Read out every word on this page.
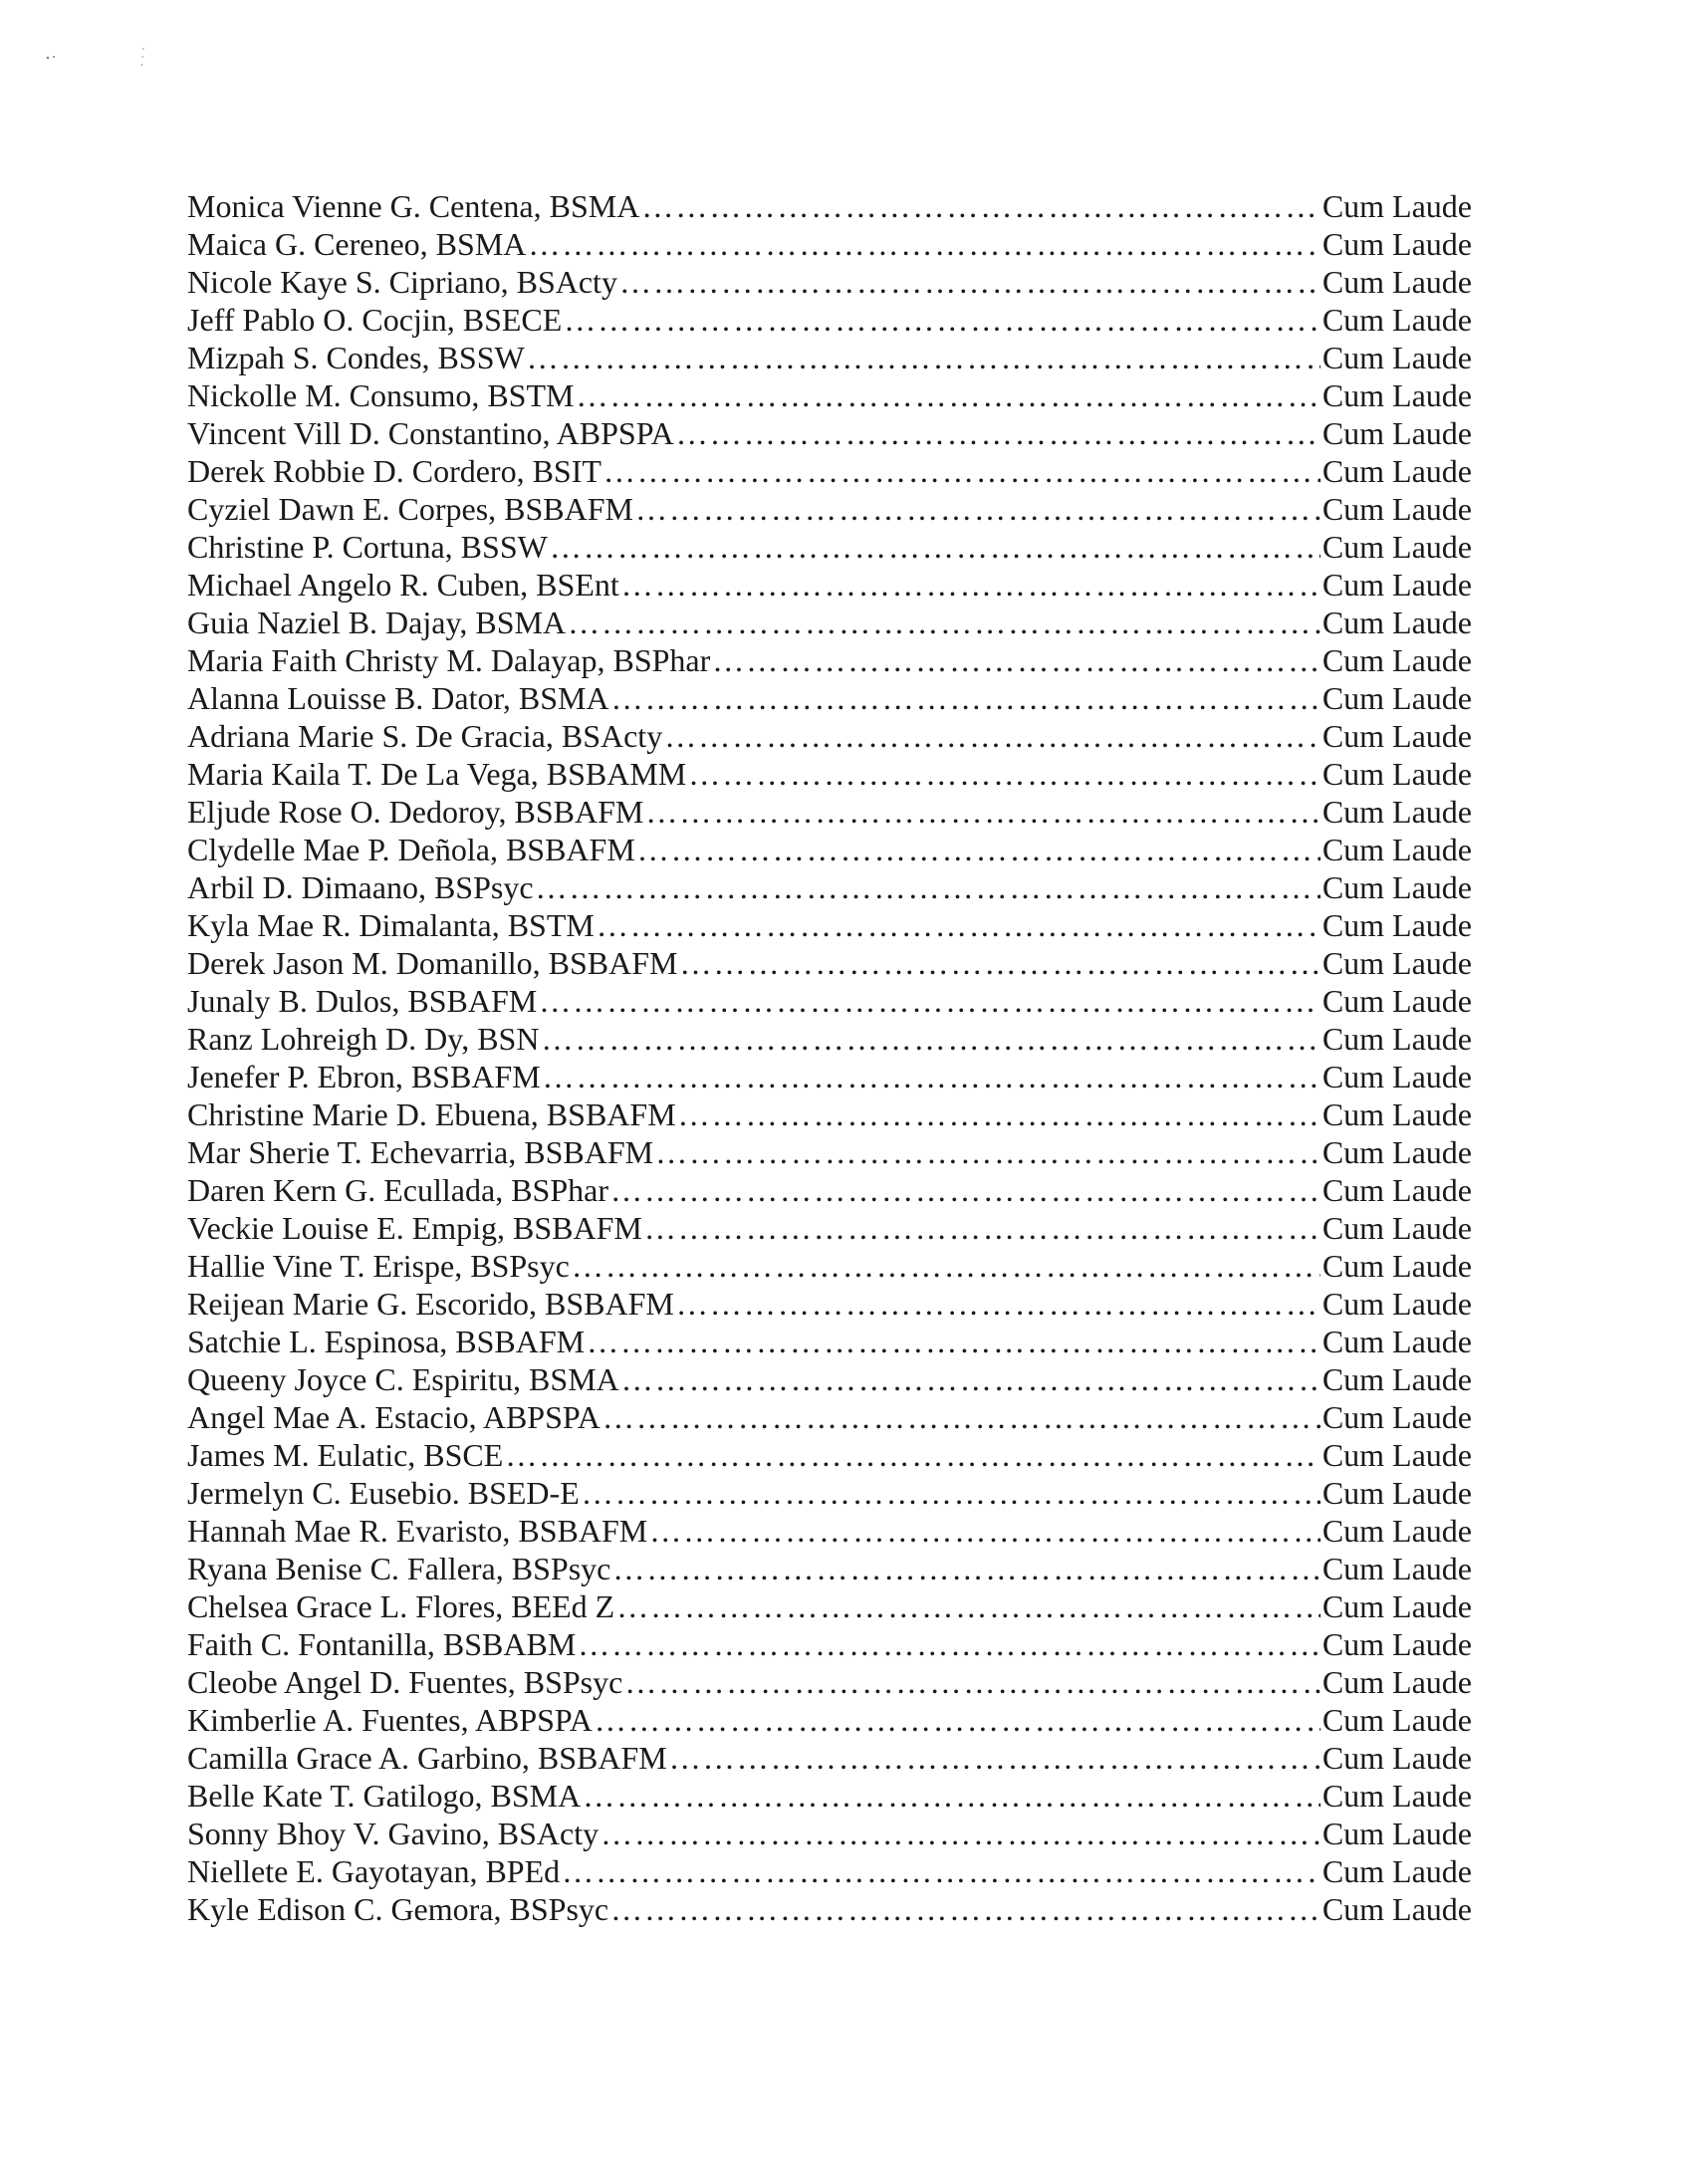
Monica Vienne G. Centena, BSMA ……………………………………………………………………………………………………………………………………………………………………………………	Cum Laude
Maica G. Cereneo, BSMA ……………………………………………………………………………………………………………………………………………………………………………………	Cum Laude
Nicole Kaye S. Cipriano, BSActy ……………………………………………………………………………………………………………………………………………………………………………………	Cum Laude
Jeff Pablo O. Cocjin, BSECE ……………………………………………………………………………………………………………………………………………………………………………………	Cum Laude
Mizpah S. Condes, BSSW ……………………………………………………………………………………………………………………………………………………………………………………	Cum Laude
Nickolle M. Consumo, BSTM ……………………………………………………………………………………………………………………………………………………………………………………	Cum Laude
Vincent Vill D. Constantino, ABPSPA ……………………………………………………………………………………………………………………………………………………………………………………	Cum Laude
Derek Robbie D. Cordero, BSIT ……………………………………………………………………………………………………………………………………………………………………………………	Cum Laude
Cyziel Dawn E. Corpes, BSBAFM ……………………………………………………………………………………………………………………………………………………………………………………	Cum Laude
Christine P. Cortuna, BSSW ……………………………………………………………………………………………………………………………………………………………………………………	Cum Laude
Michael Angelo R. Cuben, BSEnt ……………………………………………………………………………………………………………………………………………………………………………………	Cum Laude
Guia Naziel B. Dajay, BSMA ……………………………………………………………………………………………………………………………………………………………………………………	Cum Laude
Maria Faith Christy M. Dalayap, BSPhar ……………………………………………………………………………………………………………………………………………………………………………………	Cum Laude
Alanna Louisse B. Dator, BSMA ……………………………………………………………………………………………………………………………………………………………………………………	Cum Laude
Adriana Marie S. De Gracia, BSActy ……………………………………………………………………………………………………………………………………………………………………………………	Cum Laude
Maria Kaila T. De La Vega, BSBAMM ……………………………………………………………………………………………………………………………………………………………………………………	Cum Laude
Eljude Rose O. Dedoroy, BSBAFM ……………………………………………………………………………………………………………………………………………………………………………………	Cum Laude
Clydelle Mae P. Deñola, BSBAFM ……………………………………………………………………………………………………………………………………………………………………………………	Cum Laude
Arbil D. Dimaano, BSPsyc ……………………………………………………………………………………………………………………………………………………………………………………	Cum Laude
Kyla Mae R. Dimalanta, BSTM ……………………………………………………………………………………………………………………………………………………………………………………	Cum Laude
Derek Jason M. Domanillo, BSBAFM ……………………………………………………………………………………………………………………………………………………………………………………	Cum Laude
Junaly B. Dulos, BSBAFM ……………………………………………………………………………………………………………………………………………………………………………………	Cum Laude
Ranz Lohreigh D. Dy, BSN ……………………………………………………………………………………………………………………………………………………………………………………	Cum Laude
Jenefer P. Ebron, BSBAFM ……………………………………………………………………………………………………………………………………………………………………………………	Cum Laude
Christine Marie D. Ebuena, BSBAFM ……………………………………………………………………………………………………………………………………………………………………………………	Cum Laude
Mar Sherie T. Echevarria, BSBAFM ……………………………………………………………………………………………………………………………………………………………………………………	Cum Laude
Daren Kern G. Ecullada, BSPhar ……………………………………………………………………………………………………………………………………………………………………………………	Cum Laude
Veckie Louise E. Empig, BSBAFM ……………………………………………………………………………………………………………………………………………………………………………………	Cum Laude
Hallie Vine T. Erispe, BSPsyc ……………………………………………………………………………………………………………………………………………………………………………………	Cum Laude
Reijean Marie G. Escorido, BSBAFM ……………………………………………………………………………………………………………………………………………………………………………………	Cum Laude
Satchie L. Espinosa, BSBAFM ……………………………………………………………………………………………………………………………………………………………………………………	Cum Laude
Queeny Joyce C. Espiritu, BSMA ……………………………………………………………………………………………………………………………………………………………………………………	Cum Laude
Angel Mae A. Estacio, ABPSPA ……………………………………………………………………………………………………………………………………………………………………………………	Cum Laude
James M. Eulatic, BSCE ……………………………………………………………………………………………………………………………………………………………………………………	Cum Laude
Jermelyn C. Eusebio. BSED-E ……………………………………………………………………………………………………………………………………………………………………………………	Cum Laude
Hannah Mae R. Evaristo, BSBAFM ……………………………………………………………………………………………………………………………………………………………………………………	Cum Laude
Ryana Benise C. Fallera, BSPsyc ……………………………………………………………………………………………………………………………………………………………………………………	Cum Laude
Chelsea Grace L. Flores, BEEd Z ……………………………………………………………………………………………………………………………………………………………………………………	Cum Laude
Faith C. Fontanilla, BSBABM ……………………………………………………………………………………………………………………………………………………………………………………	Cum Laude
Cleobe Angel D. Fuentes, BSPsyc ……………………………………………………………………………………………………………………………………………………………………………………	Cum Laude
Kimberlie A. Fuentes, ABPSPA ……………………………………………………………………………………………………………………………………………………………………………………	Cum Laude
Camilla Grace A. Garbino, BSBAFM ……………………………………………………………………………………………………………………………………………………………………………………	Cum Laude
Belle Kate T. Gatilogo, BSMA ……………………………………………………………………………………………………………………………………………………………………………………	Cum Laude
Sonny Bhoy V. Gavino, BSActy ……………………………………………………………………………………………………………………………………………………………………………………	Cum Laude
Niellete E. Gayotayan, BPEd ……………………………………………………………………………………………………………………………………………………………………………………	Cum Laude
Kyle Edison C. Gemora, BSPsyc ……………………………………………………………………………………………………………………………………………………………………………………	Cum Laude
